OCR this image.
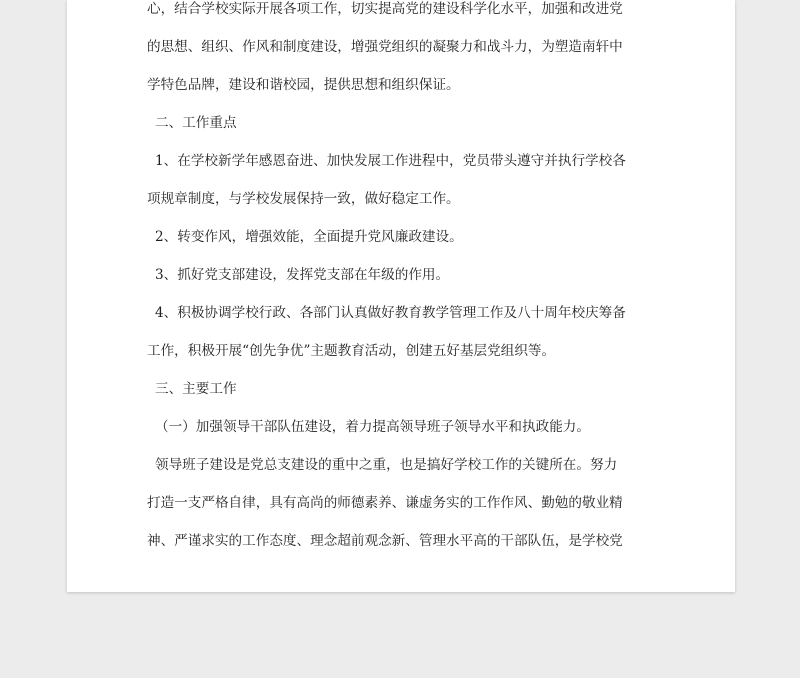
心，结合学校实际开展各项工作，切实提高党的建设科学化水平，加强和改进党
的思想、组织、作风和制度建设，增强党组织的凝聚力和战斗力，为塑造南轩中
学特色品牌，建设和谐校园，提供思想和组织保证。
二、工作重点
1、在学校新学年感恩奋进、加快发展工作进程中，党员带头遵守并执行学校各
项规章制度，与学校发展保持一致，做好稳定工作。
2、转变作风，增强效能，全面提升党风廉政建设。
3、抓好党支部建设，发挥党支部在年级的作用。
4、积极协调学校行政、各部门认真做好教育教学管理工作及八十周年校庆筹备
工作，积极开展“创先争优”主题教育活动，创建五好基层党组织等。
三、主要工作
（一）加强领导干部队伍建设，着力提高领导班子领导水平和执政能力。
领导班子建设是党总支建设的重中之重，也是搞好学校工作的关键所在。努力
打造一支严格自律，具有高尚的师德素养、谦虚务实的工作作风、勤勉的敬业精
神、严谨求实的工作态度、理念超前观念新、管理水平高的干部队伍，是学校党
